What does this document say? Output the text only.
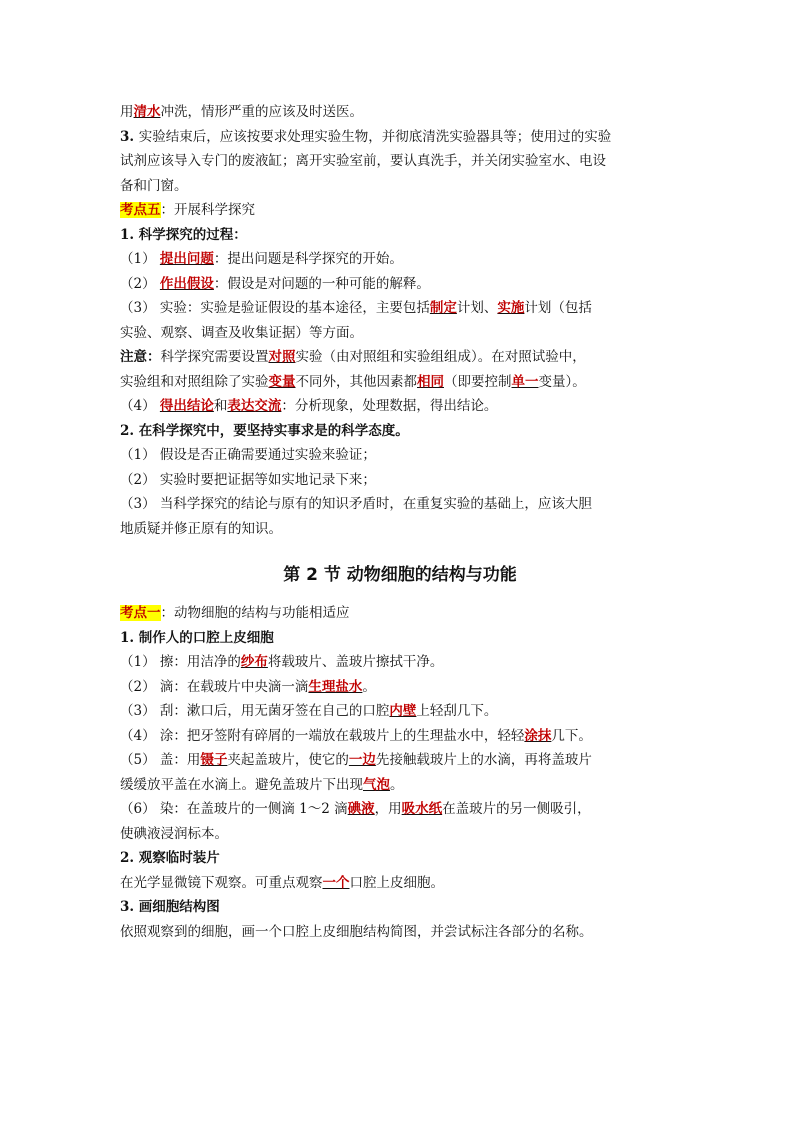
用清水冲洗，情形严重的应该及时送医。
3. 实验结束后，应该按要求处理实验生物，并彻底清洗实验器具等；使用过的实验
试剂应该导入专门的废液缸；离开实验室前，要认真洗手，并关闭实验室水、电设
备和门窗。
考点五：开展科学探究
1. 科学探究的过程：
（1） 提出问题：提出问题是科学探究的开始。
（2） 作出假设：假设是对问题的一种可能的解释。
（3） 实验：实验是验证假设的基本途径，主要包括制定计划、实施计划（包括
实验、观察、调查及收集证据）等方面。
注意：科学探究需要设置对照实验（由对照组和实验组组成）。在对照试验中，
实验组和对照组除了实验变量不同外，其他因素都相同（即要控制单一变量）。
（4） 得出结论和表达交流：分析现象，处理数据，得出结论。
2. 在科学探究中，要坚持实事求是的科学态度。
（1） 假设是否正确需要通过实验来验证；
（2） 实验时要把证据等如实地记录下来；
（3） 当科学探究的结论与原有的知识矛盾时，在重复实验的基础上，应该大胆
地质疑并修正原有的知识。
第 2 节 动物细胞的结构与功能
考点一：动物细胞的结构与功能相适应
1. 制作人的口腔上皮细胞
（1） 擦：用洁净的纱布将载玻片、盖玻片擦拭干净。
（2） 滴：在载玻片中央滴一滴生理盐水。
（3） 刮：漱口后，用无菌牙签在自己的口腔内壁上轻刮几下。
（4） 涂：把牙签附有碎屑的一端放在载玻片上的生理盐水中，轻轻涂抹几下。
（5） 盖：用镊子夹起盖玻片，使它的一边先接触载玻片上的水滴，再将盖玻片
缓缓放平盖在水滴上。避免盖玻片下出现气泡。
（6） 染：在盖玻片的一侧滴 1～2 滴碘液，用吸水纸在盖玻片的另一侧吸引，
使碘液浸润标本。
2. 观察临时装片
在光学显微镜下观察。可重点观察一个口腔上皮细胞。
3. 画细胞结构图
依照观察到的细胞，画一个口腔上皮细胞结构简图，并尝试标注各部分的名称。
